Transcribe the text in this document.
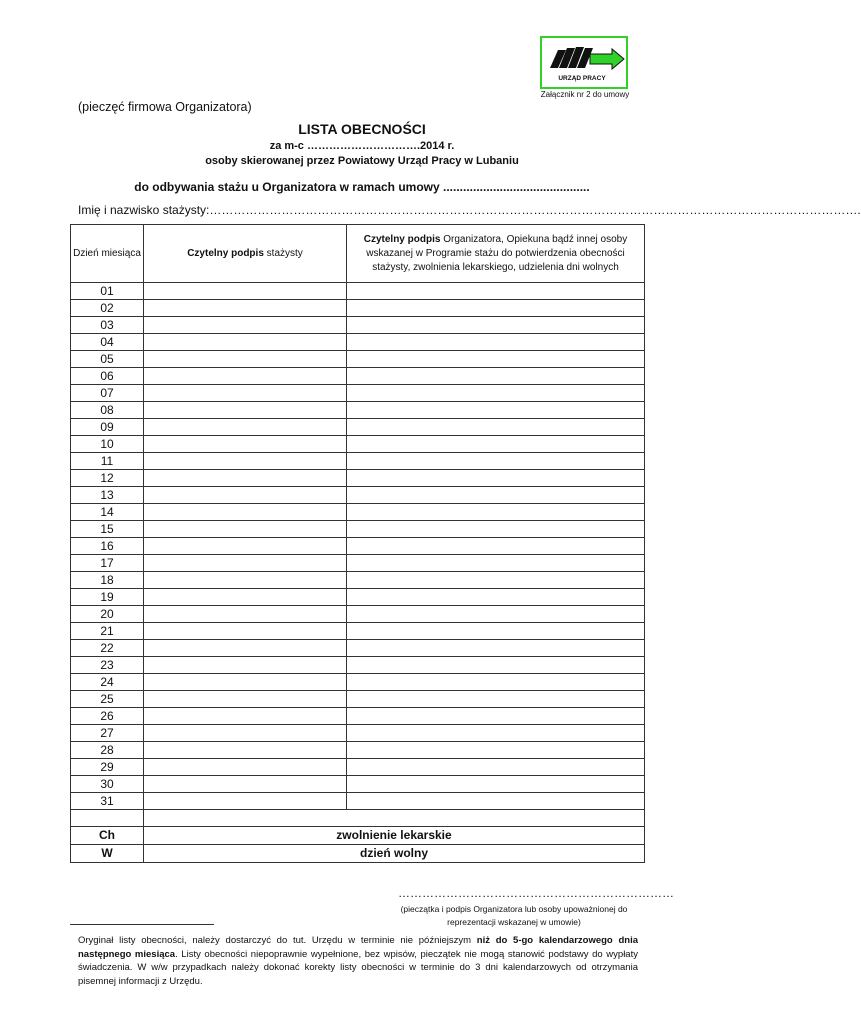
URZĄD PRACY
Załącznik nr 2 do umowy
(pieczęć firmowa Organizatora)
LISTA OBECNOŚCI
za m-c ………………………….2014 r.
osoby skierowanej przez Powiatowy Urząd Pracy w Lubaniu
do odbywania stażu u Organizatora w ramach umowy ............................................
Imię i nazwisko stażysty:……………………………………………………………………………………………………………………………………………….
Dzień miesiąca	Czytelny podpis stażysty	Czytelny podpis Organizatora, Opiekuna bądź innej osoby wskazanej w Programie stażu do potwierdzenia obecności stażysty, zwolnienia lekarskiego, udzielenia dni wolnych
01		
02		
03		
04		
05		
06		
07		
08		
09		
10		
11		
12		
13		
14		
15		
16		
17		
18		
19		
20		
21		
22		
23		
24		
25		
26		
27		
28		
29		
30		
31		

Ch	zwolnienie lekarskie	
W	dzień wolny	
……………………………………………………………
(pieczątka i podpis Organizatora lub osoby upoważnionej do reprezentacji wskazanej w umowie)
Oryginał listy obecności, należy dostarczyć do tut. Urzędu w terminie nie późniejszym niż do 5-go kalendarzowego dnia następnego miesiąca. Listy obecności niepoprawnie wypełnione, bez wpisów, pieczątek nie mogą stanowić podstawy do wypłaty świadczenia. W w/w przypadkach należy dokonać korekty listy obecności w terminie do 3 dni kalendarzowych od otrzymania pisemnej informacji z Urzędu.
